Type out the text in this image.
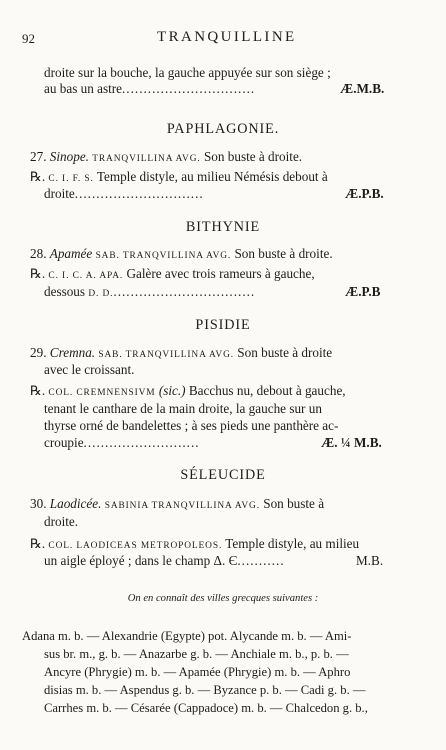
92	TRANQUILLINE
droite sur la bouche, la gauche appuyée sur son siège ;
au bas un astre...............................	Æ.M.B.
PAPHLAGONIE.
27. Sinope. TRANQVILLINA AVG. Son buste à droite.
℞. C. I. F. S. Temple distyle, au milieu Némésis debout à
droite..............................	Æ.P.B.
BITHYNIE
28. Apamée SAB. TRANQVILLINA AVG. Son buste à droite.
℞. C. I. C. A. APA. Galère avec trois rameurs à gauche,
dessous D. D..................................	Æ.P.B
PISIDIE
29. Cremna. SAB. TRANQVILLINA AVG. Son buste à droite
avec le croissant.
℞. COL. CREMNENSIVM (sic.) Bacchus nu, debout à gauche,
tenant le canthare de la main droite, la gauche sur un
thyrse orné de bandelettes ; à ses pieds une panthère ac-
croupie...........................	Æ. ¼ M.B.
SÉLEUCIDE
30. Laodicée. SABINIA TRANQVILLINA AVG. Son buste à
droite.
℞. COL. LAODICEAS METROPOLEOS. Temple distyle, au milieu
un aigle éployé ; dans le champ Δ. Є...........	M.B.
On en connaît des villes grecques suivantes :
Adana m. b. — Alexandrie (Egypte) pot. Alycande m. b. — Ami-
sus br. m., g. b. — Anazarbe g. b. — Anchiale m. b., p. b. —
Ancyre (Phrygie) m. b. — Apamée (Phrygie) m. b. — Aphro
disias m. b. — Aspendus g. b. — Byzance p. b. — Cadi g. b. —
Carrhes m. b. — Césarée (Cappadoce) m. b. — Chalcedon g. b.,
